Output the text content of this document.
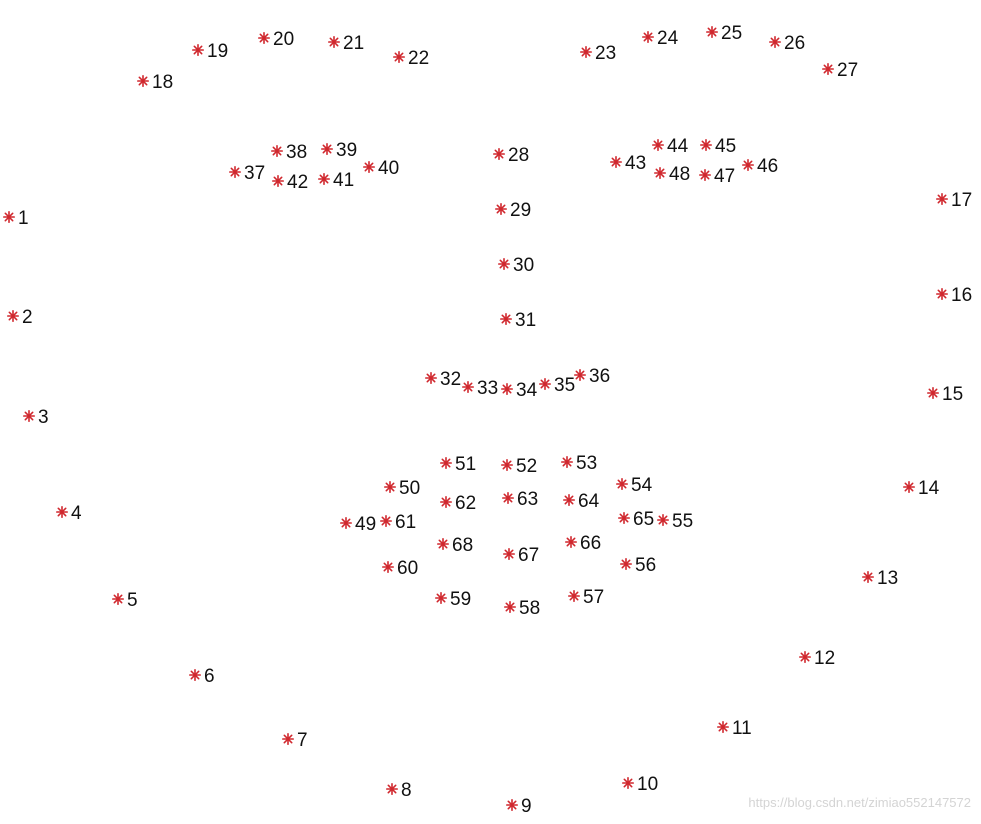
1
2
3
4
5
6
7
8
9
10
11
12
13
14
15
16
17
18
19
20	21
22	23
24 25 26
27
28
29
30
31
32 33 34 35 36
37
38 39
40
41
42
43
44 45
46
47
48
49
50
51 52 53
54
55
56
57
58
59
60
61
62 63 64
65
66
67
68
https://blog.csdn.net/zimiao552147572
